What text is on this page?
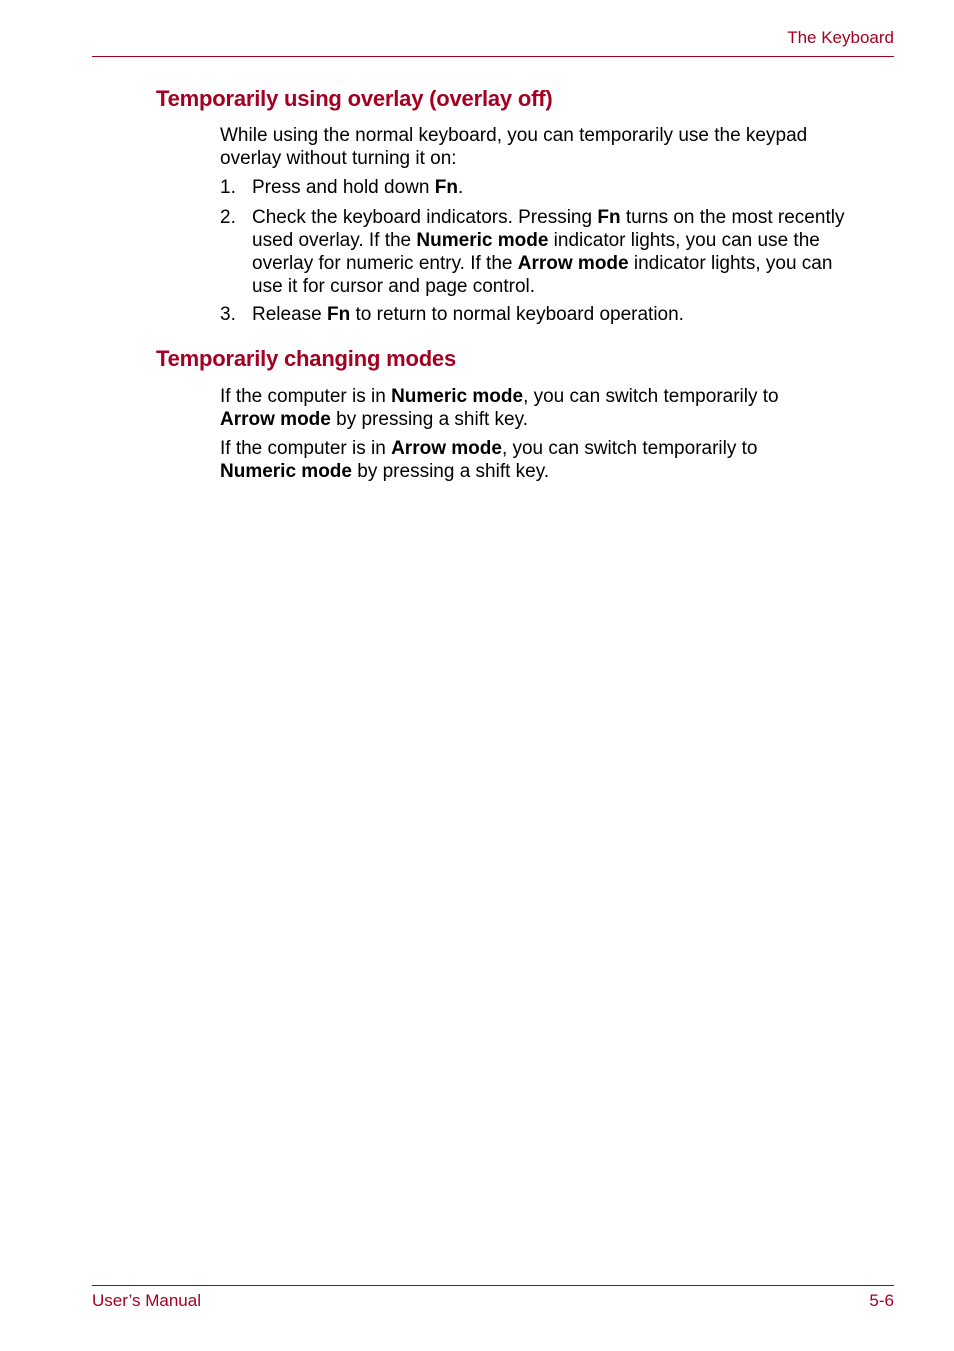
The Keyboard
Temporarily using overlay (overlay off)
While using the normal keyboard, you can temporarily use the keypad
overlay without turning it on:
1. Press and hold down Fn.
2. Check the keyboard indicators. Pressing Fn turns on the most recently
used overlay. If the Numeric mode indicator lights, you can use the
overlay for numeric entry. If the Arrow mode indicator lights, you can
use it for cursor and page control.
3. Release Fn to return to normal keyboard operation.
Temporarily changing modes
If the computer is in Numeric mode, you can switch temporarily to
Arrow mode by pressing a shift key.
If the computer is in Arrow mode, you can switch temporarily to
Numeric mode by pressing a shift key.
User’s Manual	5-6
